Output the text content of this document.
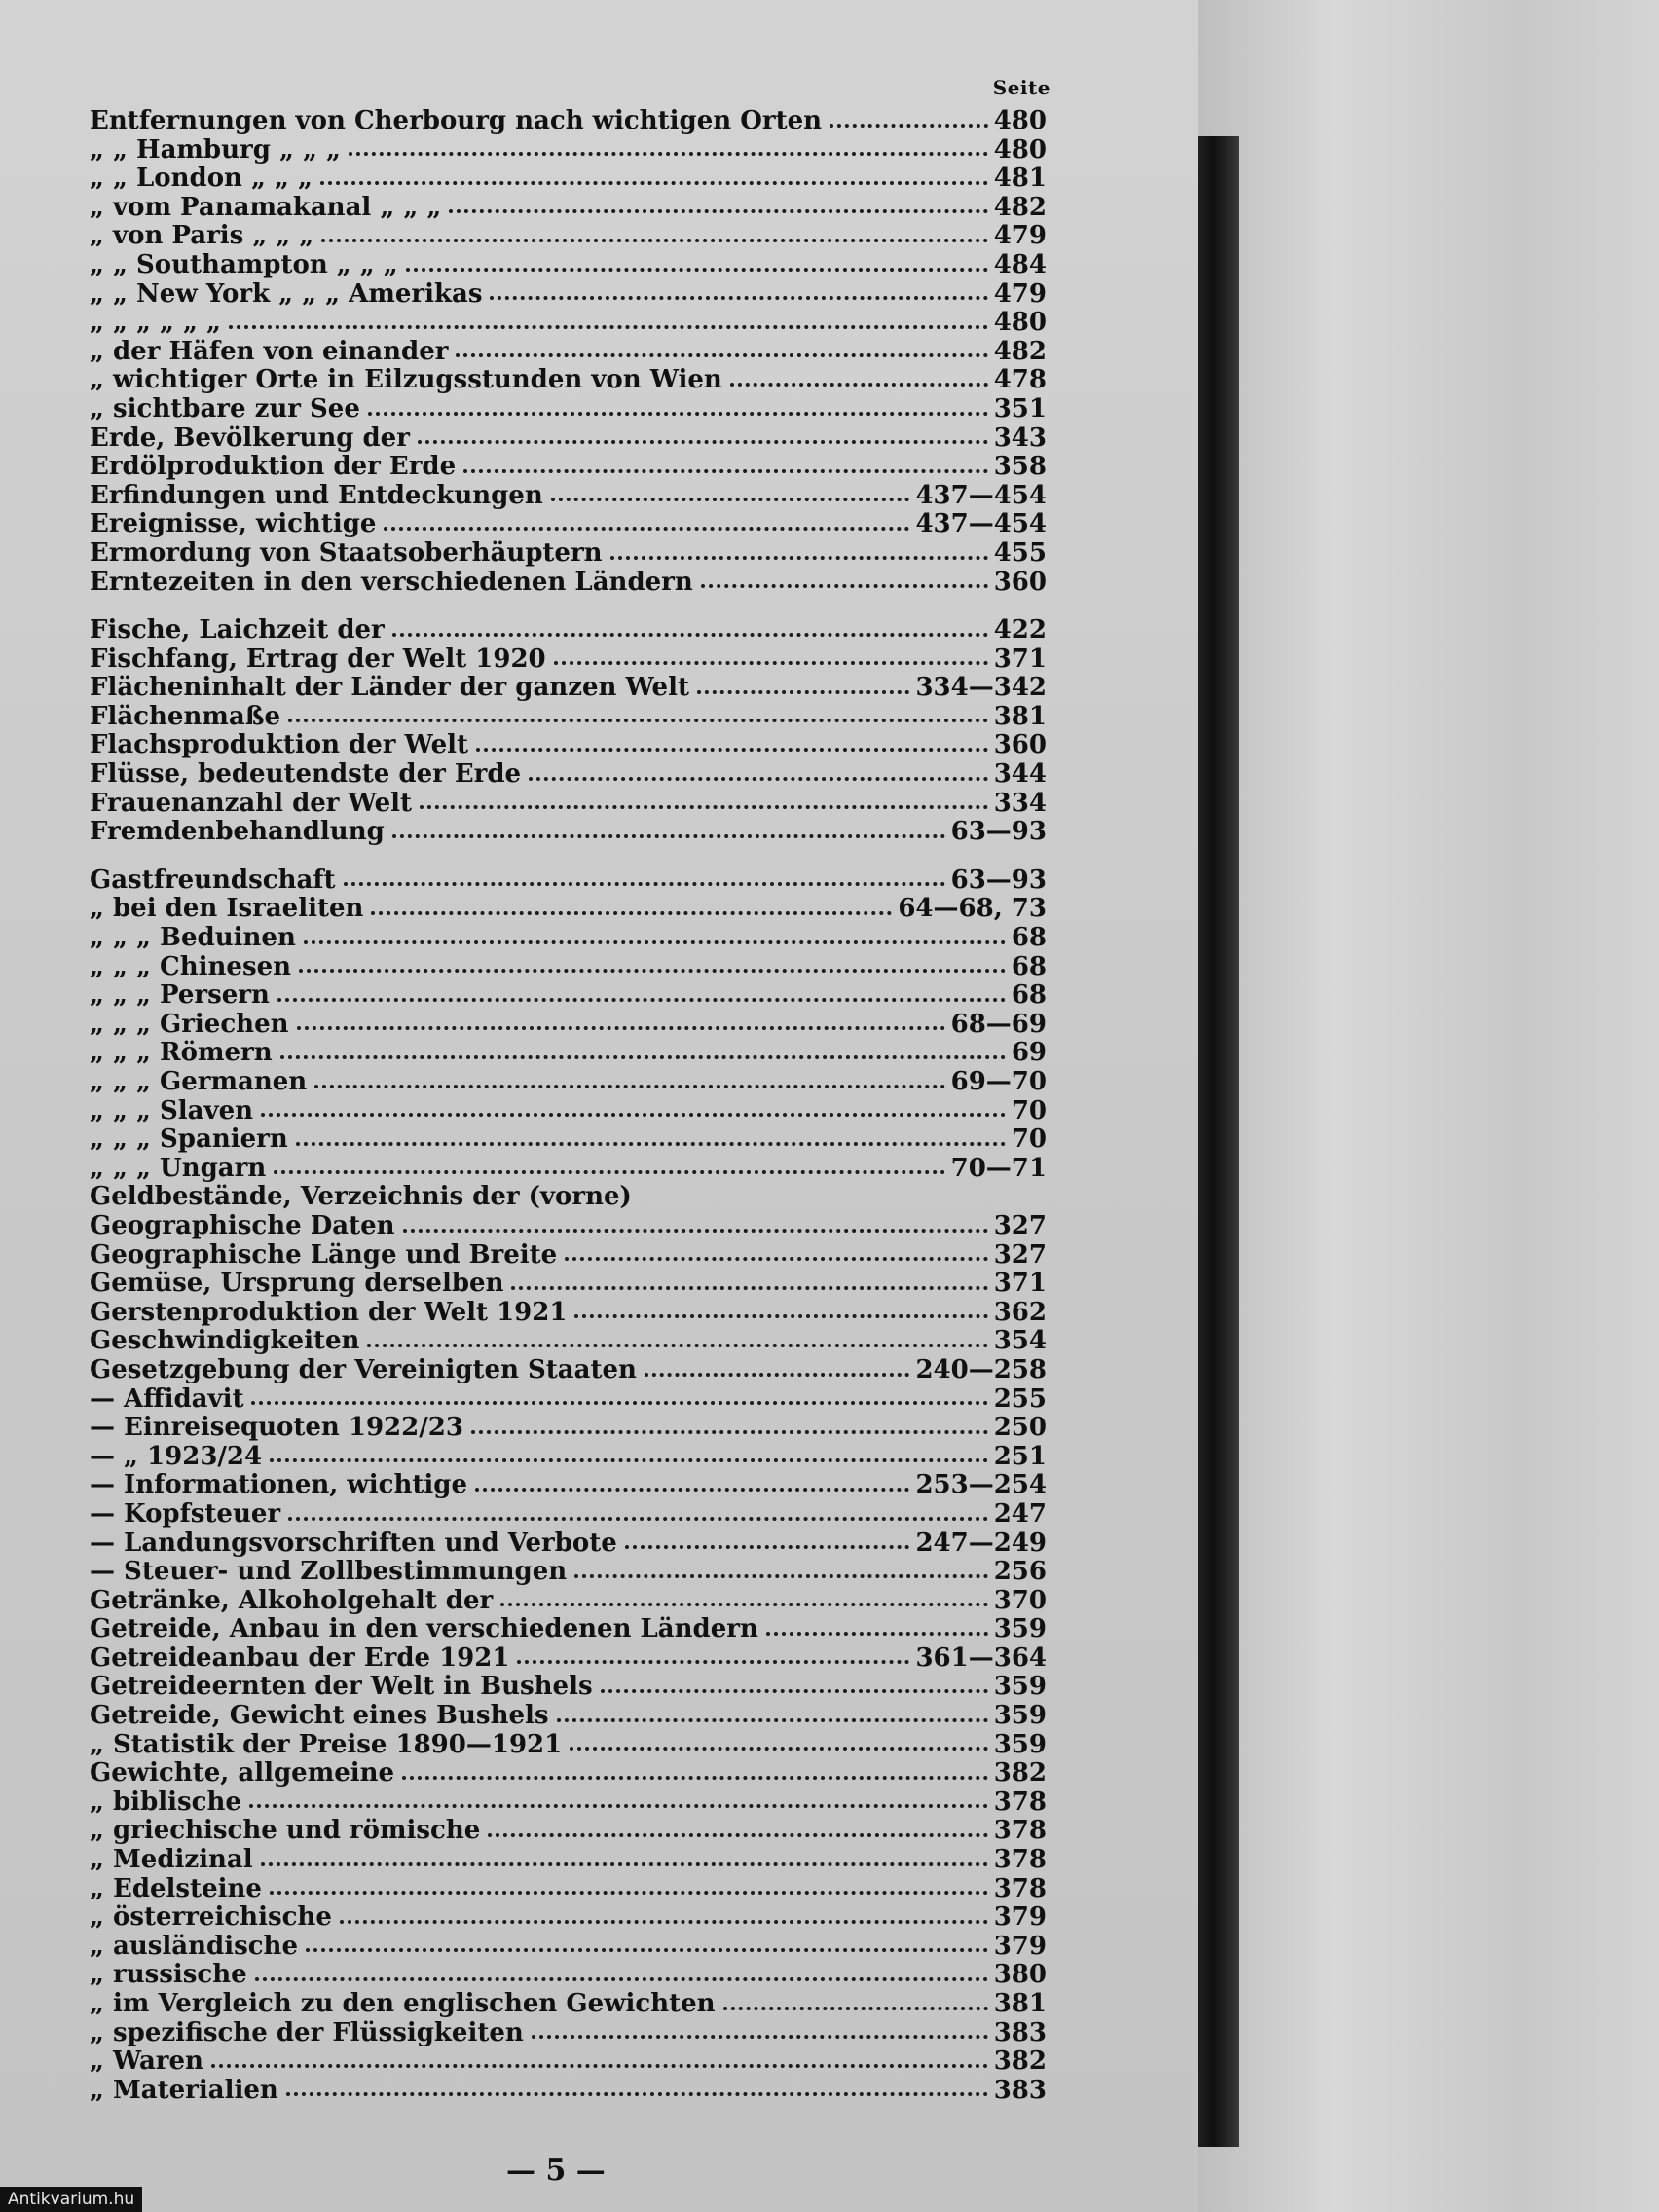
Seite
Entfernungen von Cherbourg nach wichtigen Orten	480
„ „ Hamburg „ „ „	480
„ „ London „ „ „	481
„ vom Panamakanal „ „ „	482
„ von Paris „ „ „	479
„ „ Southampton „ „ „	484
„ „ New York „ „ „ Amerikas	479
„ „ „ „ „ „	480
„ der Häfen von einander	482
„ wichtiger Orte in Eilzugsstunden von Wien	478
„ sichtbare zur See	351
Erde, Bevölkerung der	343
Erdölproduktion der Erde	358
Erfindungen und Entdeckungen	437—454
Ereignisse, wichtige	437—454
Ermordung von Staatsoberhäuptern	455
Erntezeiten in den verschiedenen Ländern	360
Fische, Laichzeit der	422
Fischfang, Ertrag der Welt 1920	371
Flächeninhalt der Länder der ganzen Welt	334—342
Flächenmaße	381
Flachsproduktion der Welt	360
Flüsse, bedeutendste der Erde	344
Frauenanzahl der Welt	334
Fremdenbehandlung	63—93
Gastfreundschaft	63—93
„ bei den Israeliten	64—68, 73
„ „ „ Beduinen	68
„ „ „ Chinesen	68
„ „ „ Persern	68
„ „ „ Griechen	68—69
„ „ „ Römern	69
„ „ „ Germanen	69—70
„ „ „ Slaven	70
„ „ „ Spaniern	70
„ „ „ Ungarn	70—71
Geldbestände, Verzeichnis der (vorne)
Geographische Daten	327
Geographische Länge und Breite	327
Gemüse, Ursprung derselben	371
Gerstenproduktion der Welt 1921	362
Geschwindigkeiten	354
Gesetzgebung der Vereinigten Staaten	240—258
— Affidavit	255
— Einreisequoten 1922/23	250
— „ 1923/24	251
— Informationen, wichtige	253—254
— Kopfsteuer	247
— Landungsvorschriften und Verbote	247—249
— Steuer- und Zollbestimmungen	256
Getränke, Alkoholgehalt der	370
Getreide, Anbau in den verschiedenen Ländern	359
Getreideanbau der Erde 1921	361—364
Getreideernten der Welt in Bushels	359
Getreide, Gewicht eines Bushels	359
„ Statistik der Preise 1890—1921	359
Gewichte, allgemeine	382
„ biblische	378
„ griechische und römische	378
„ Medizinal	378
„ Edelsteine	378
„ österreichische	379
„ ausländische	379
„ russische	380
„ im Vergleich zu den englischen Gewichten	381
„ spezifische der Flüssigkeiten	383
„ Waren	382
„ Materialien	383
— 5 —
Antikvarium.hu
